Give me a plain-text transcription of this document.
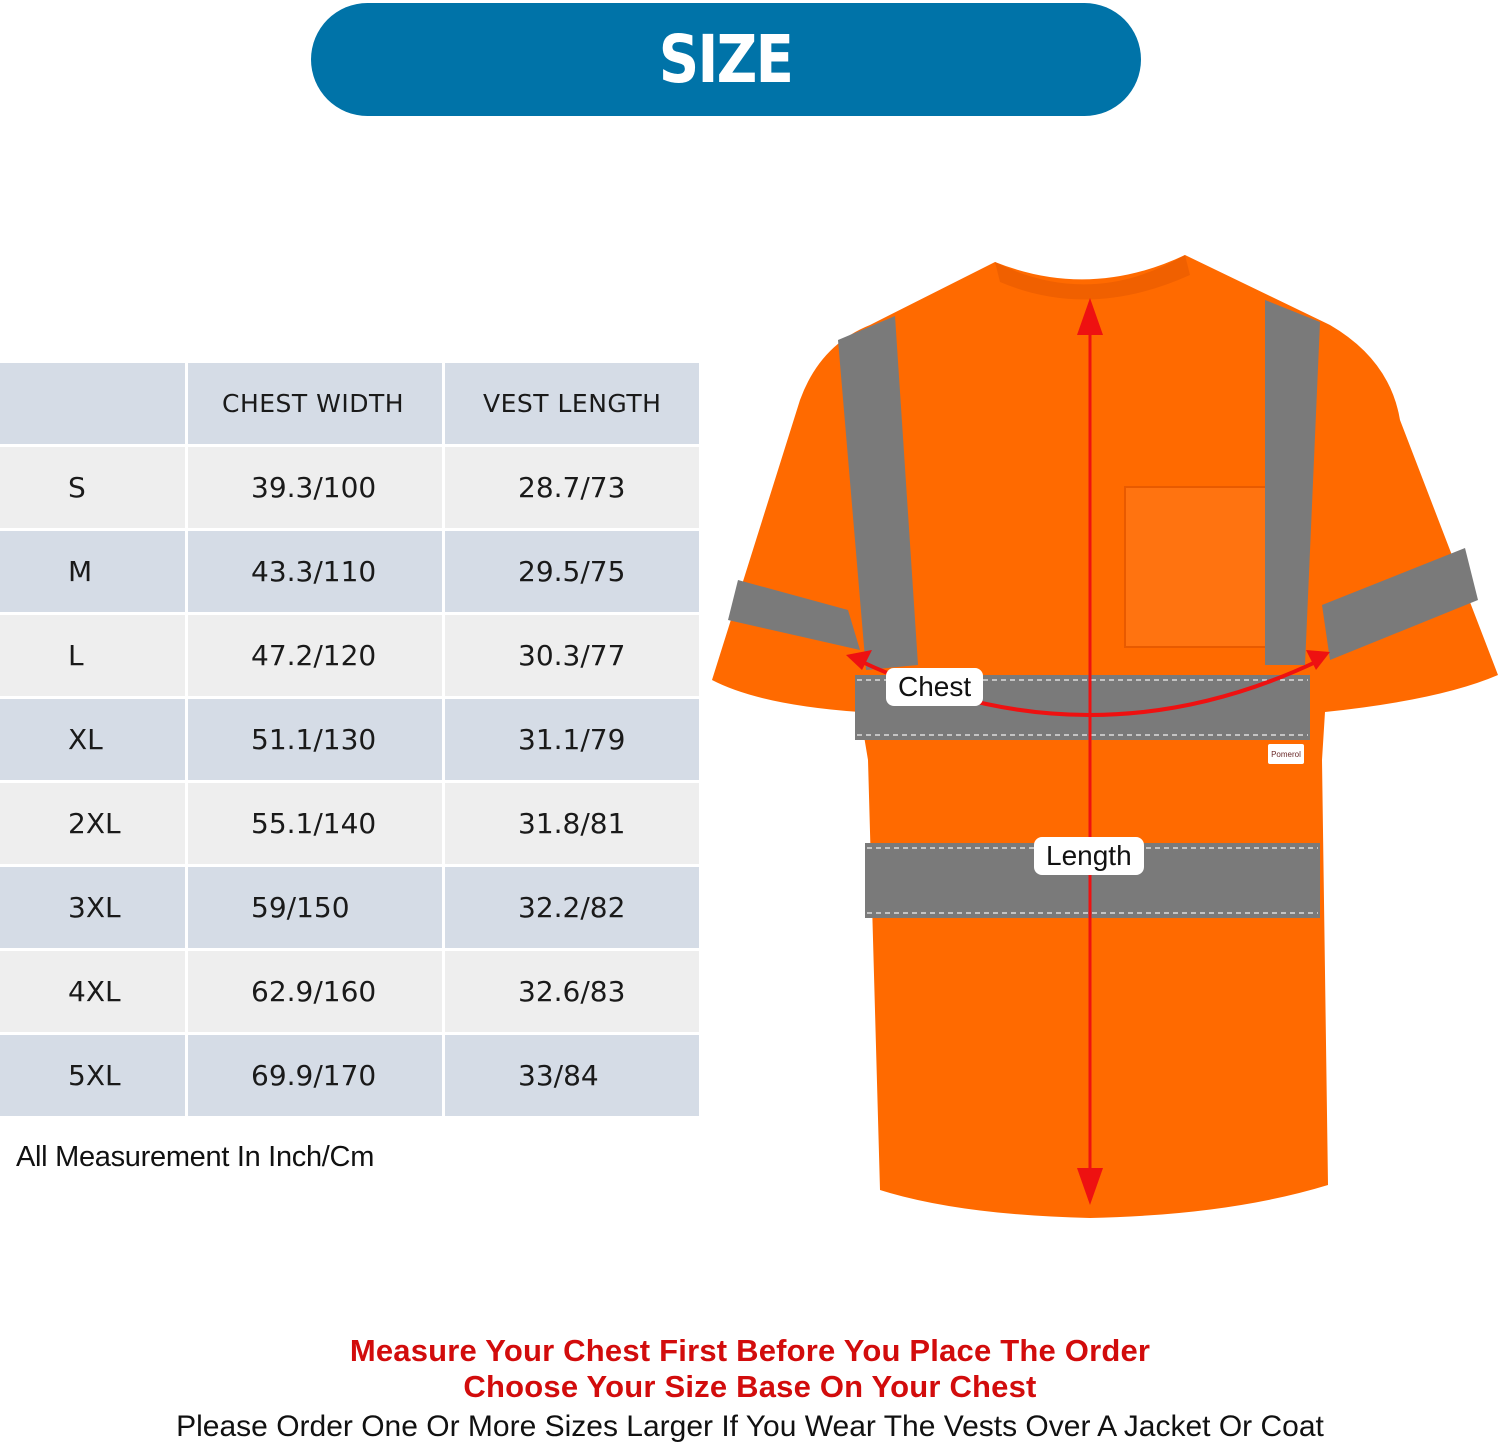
SIZE
	CHEST WIDTH	VEST LENGTH
S	39.3/100	28.7/73
M	43.3/110	29.5/75
L	47.2/120	30.3/77
XL	51.1/130	31.1/79
2XL	55.1/140	31.8/81
3XL	59/150	32.2/82
4XL	62.9/160	32.6/83
5XL	69.9/170	33/84
All Measurement In Inch/Cm
Chest
Length
Pomerol
Measure Your Chest First Before You Place The Order
Choose Your Size Base On Your Chest
Please Order One Or More Sizes Larger If You Wear The Vests Over A Jacket Or Coat
